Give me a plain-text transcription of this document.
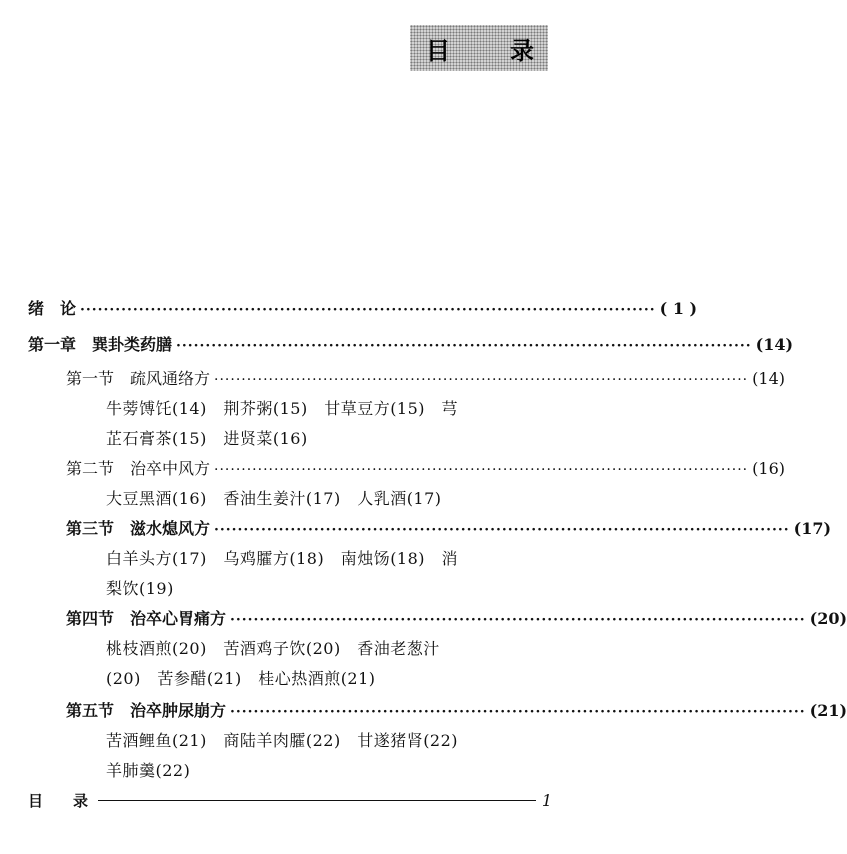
目	录
绪　论 ·································································································· ( 1 )
第一章　巽卦类药膳 ·································································································· (14)
第一节　疏风通络方 ·································································································· (14)
牛蒡馎饦(14)　荆芥粥(15)　甘草豆方(15)　芎
芷石膏茶(15)　进贤菜(16)
第二节　治卒中风方 ·································································································· (16)
大豆黑酒(16)　香油生姜汁(17)　人乳酒(17)
第三节　滋水熄风方 ·································································································· (17)
白羊头方(17)　乌鸡臛方(18)　南烛饧(18)　消
梨饮(19)
第四节　治卒心胃痛方 ·································································································· (20)
桃枝酒煎(20)　苦酒鸡子饮(20)　香油老葱汁
(20)　苦参醋(21)　桂心热酒煎(21)
第五节　治卒肿尿崩方 ·································································································· (21)
苦酒鲤鱼(21)　商陆羊肉臛(22)　甘遂猪肾(22)
羊肺羹(22)
目　　录	1
